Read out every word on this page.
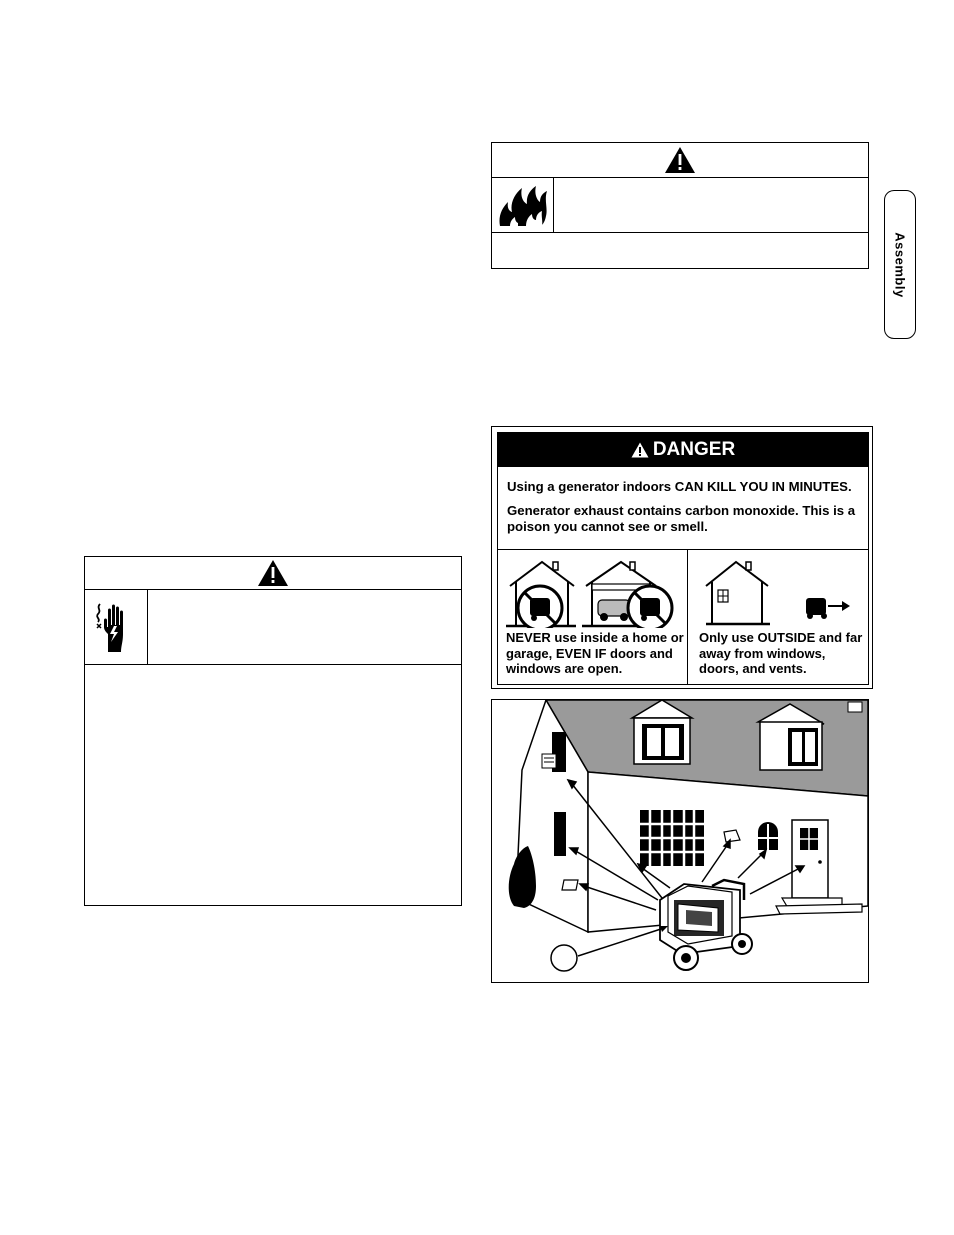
Assembly
DANGER
Using a generator indoors CAN KILL YOU IN MINUTES.
Generator exhaust contains carbon monoxide. This is a poison you cannot see or smell.
NEVER use inside a home or garage, EVEN IF doors and windows are open.
Only use OUTSIDE and far away from windows, doors, and vents.
